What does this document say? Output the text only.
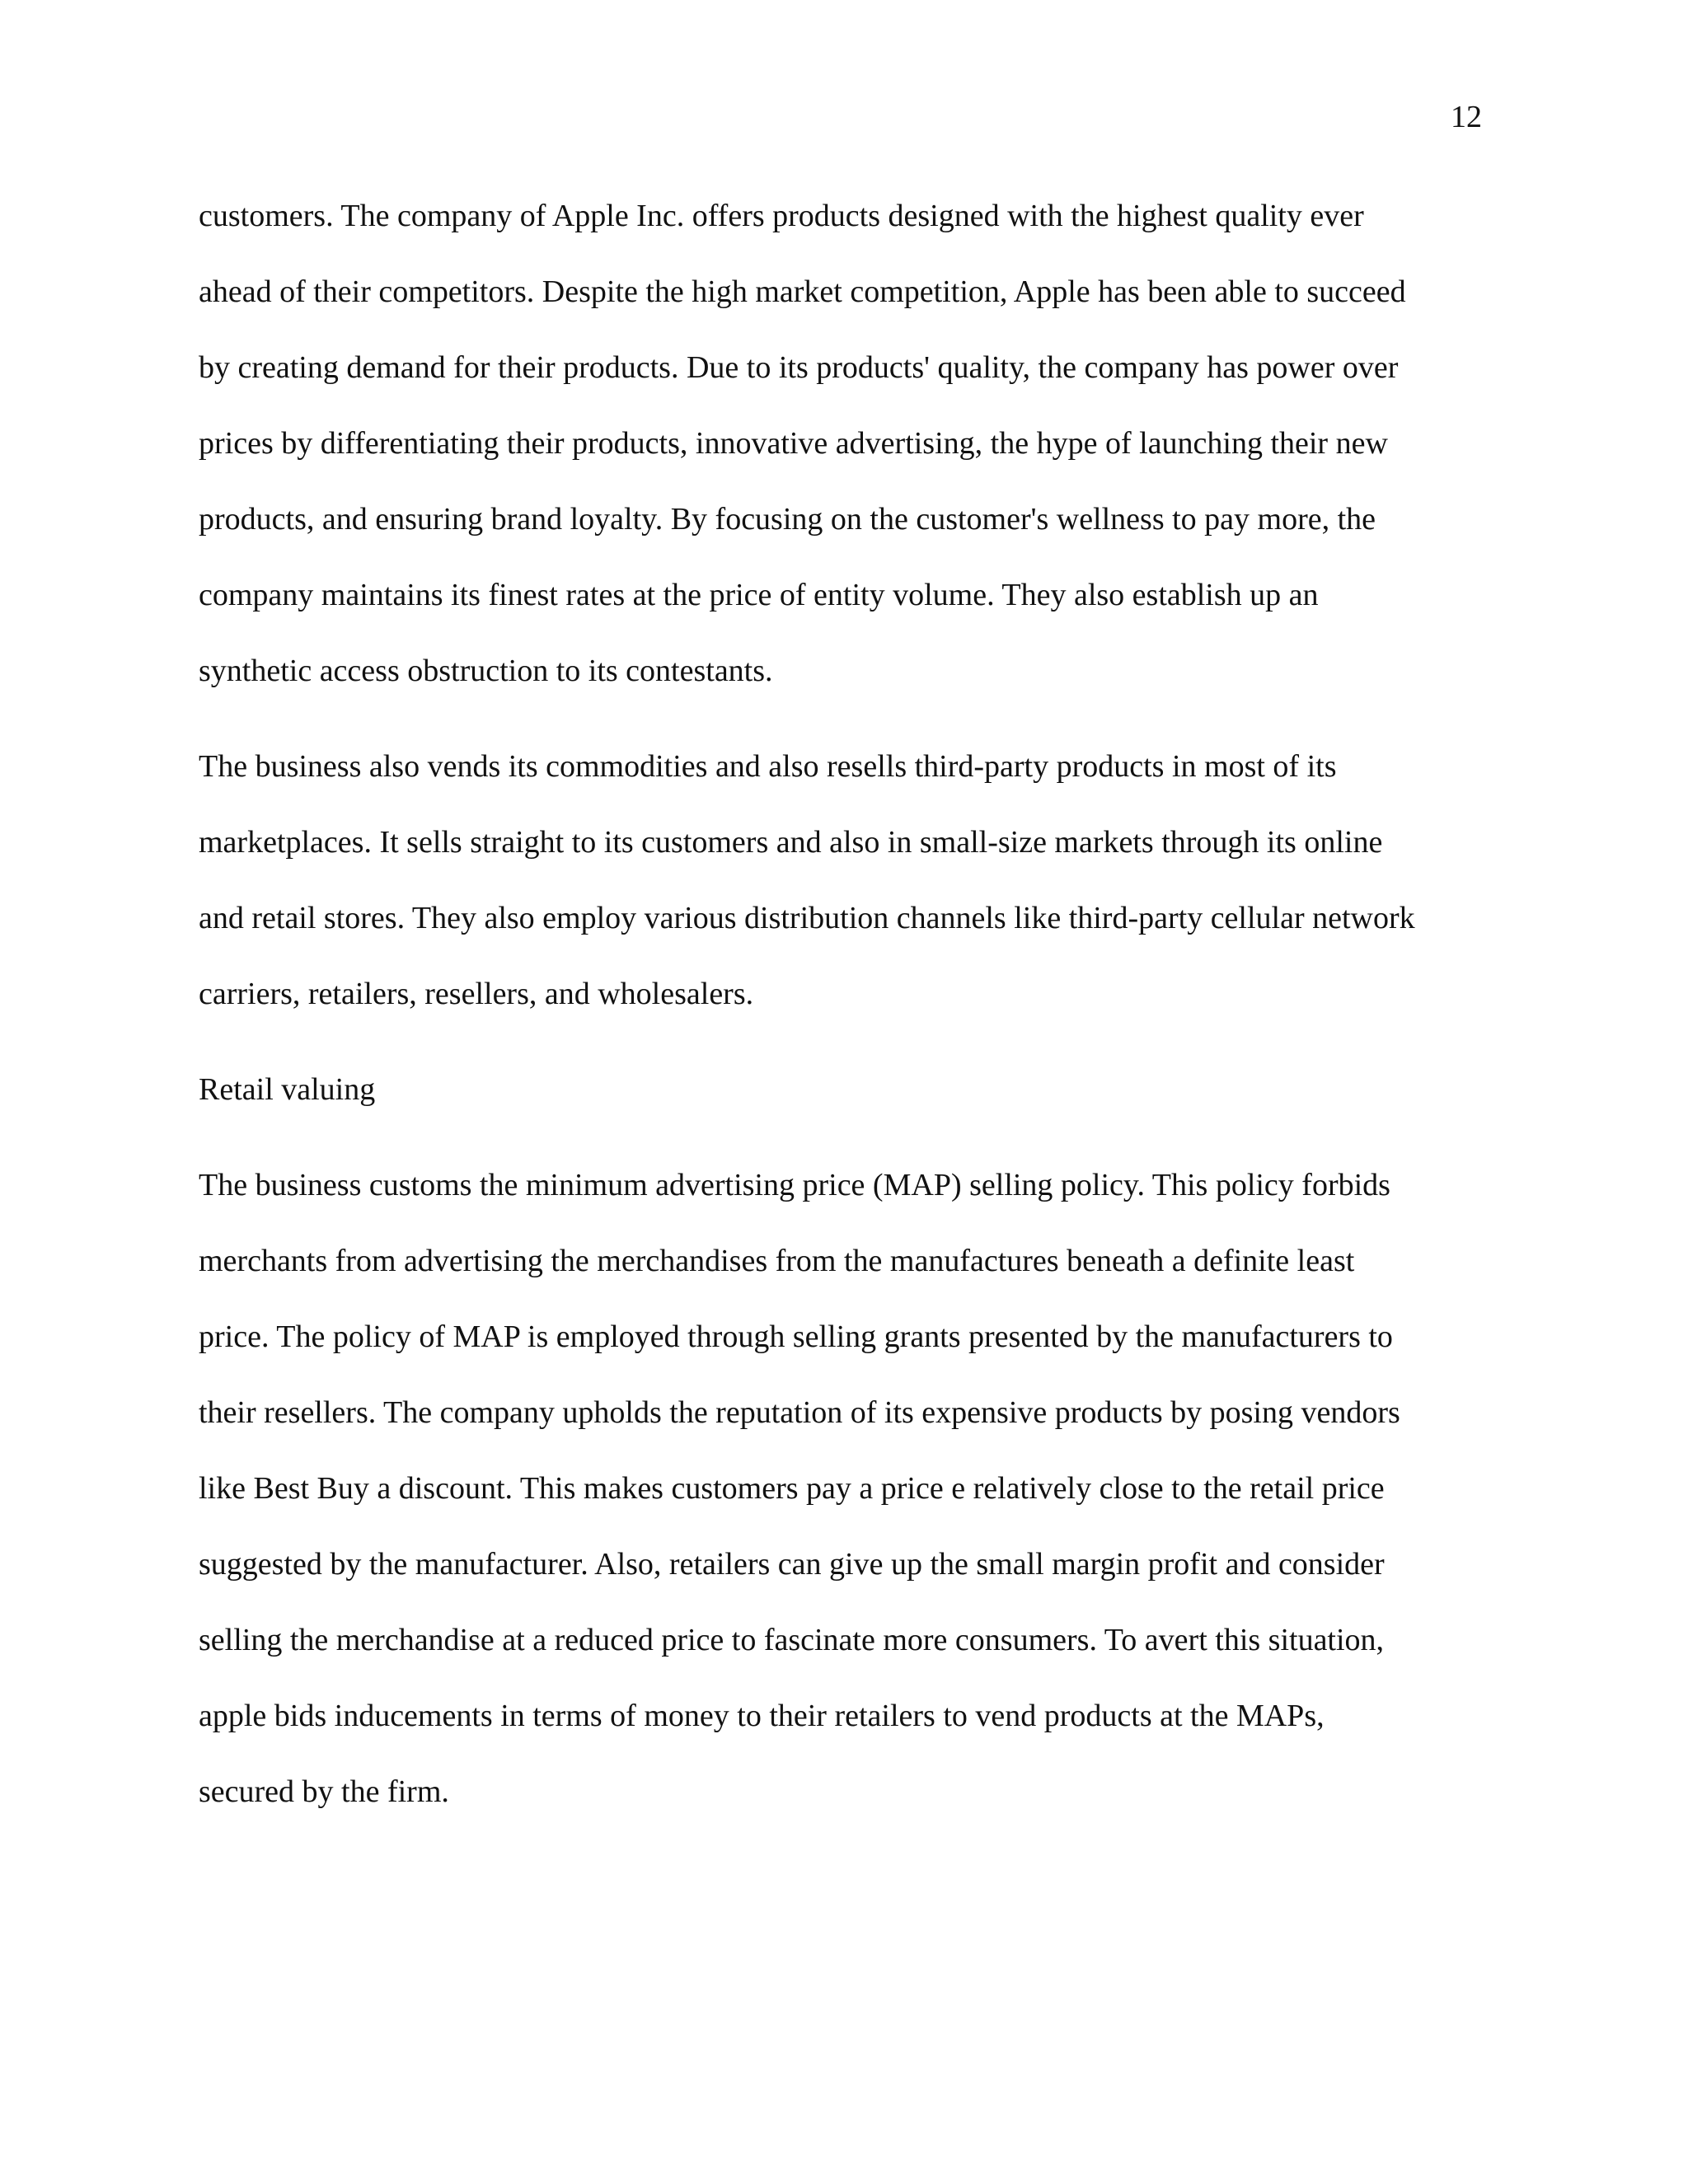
12
customers. The company of Apple Inc. offers products designed with the highest quality ever
ahead of their competitors. Despite the high market competition, Apple has been able to succeed
by creating demand for their products. Due to its products' quality, the company has power over
prices by differentiating their products, innovative advertising, the hype of launching their new
products, and ensuring brand loyalty. By focusing on the customer's wellness to pay more, the
company maintains its finest rates at the price of entity volume. They also establish up an
synthetic access obstruction to its contestants.
The business also vends its commodities and also resells third-party products in most of its
marketplaces. It sells straight to its customers and also in small-size markets through its online
and retail stores. They also employ various distribution channels like third-party cellular network
carriers, retailers, resellers, and wholesalers.
Retail valuing
The business customs the minimum advertising price (MAP) selling policy. This policy forbids
merchants from advertising the merchandises from the manufactures beneath a definite least
price. The policy of MAP is employed through selling grants presented by the manufacturers to
their resellers. The company upholds the reputation of its expensive products by posing vendors
like Best Buy a discount. This makes customers pay a price e relatively close to the retail price
suggested by the manufacturer. Also, retailers can give up the small margin profit and consider
selling the merchandise at a reduced price to fascinate more consumers. To avert this situation,
apple bids inducements in terms of money to their retailers to vend products at the MAPs,
secured by the firm.
